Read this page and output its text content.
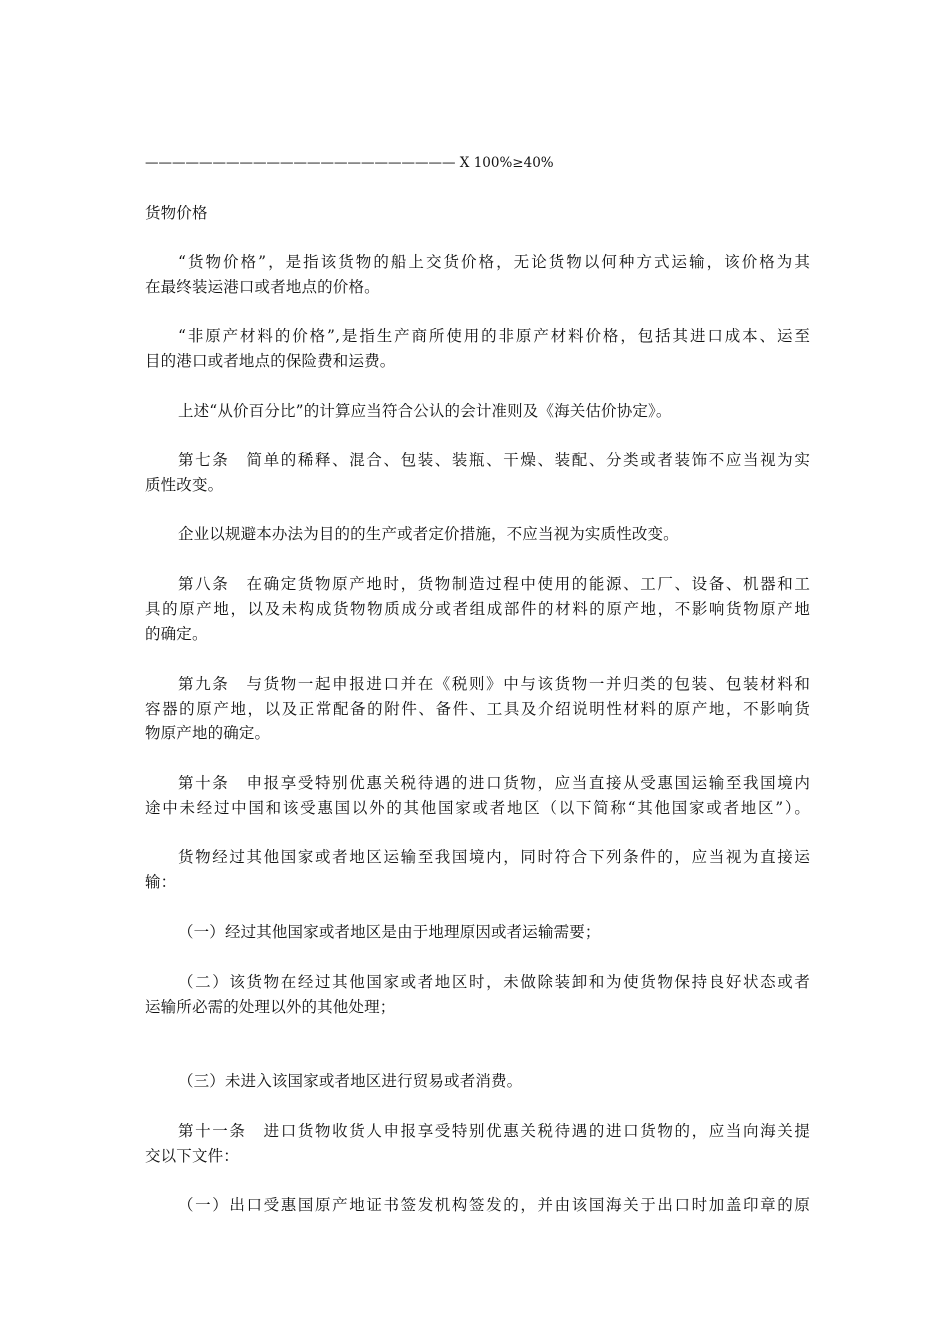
——————————————————————— X 100%≥40%
货物价格
“货物价格”，是指该货物的船上交货价格，无论货物以何种方式运输，该价格为其
在最终装运港口或者地点的价格。
“非原产材料的价格”,是指生产商所使用的非原产材料价格，包括其进口成本、运至
目的港口或者地点的保险费和运费。
上述“从价百分比”的计算应当符合公认的会计准则及《海关估价协定》。
第七条　简单的稀释、混合、包装、装瓶、干燥、装配、分类或者装饰不应当视为实
质性改变。
企业以规避本办法为目的的生产或者定价措施，不应当视为实质性改变。
第八条　在确定货物原产地时，货物制造过程中使用的能源、工厂、设备、机器和工
具的原产地，以及未构成货物物质成分或者组成部件的材料的原产地，不影响货物原产地
的确定。
第九条　与货物一起申报进口并在《税则》中与该货物一并归类的包装、包装材料和
容器的原产地，以及正常配备的附件、备件、工具及介绍说明性材料的原产地，不影响货
物原产地的确定。
第十条　申报享受特别优惠关税待遇的进口货物，应当直接从受惠国运输至我国境内
途中未经过中国和该受惠国以外的其他国家或者地区（以下简称“其他国家或者地区”）。
货物经过其他国家或者地区运输至我国境内，同时符合下列条件的，应当视为直接运
输：
（一）经过其他国家或者地区是由于地理原因或者运输需要；
（二）该货物在经过其他国家或者地区时，未做除装卸和为使货物保持良好状态或者
运输所必需的处理以外的其他处理；
（三）未进入该国家或者地区进行贸易或者消费。
第十一条　进口货物收货人申报享受特别优惠关税待遇的进口货物的，应当向海关提
交以下文件：
（一）出口受惠国原产地证书签发机构签发的，并由该国海关于出口时加盖印章的原
